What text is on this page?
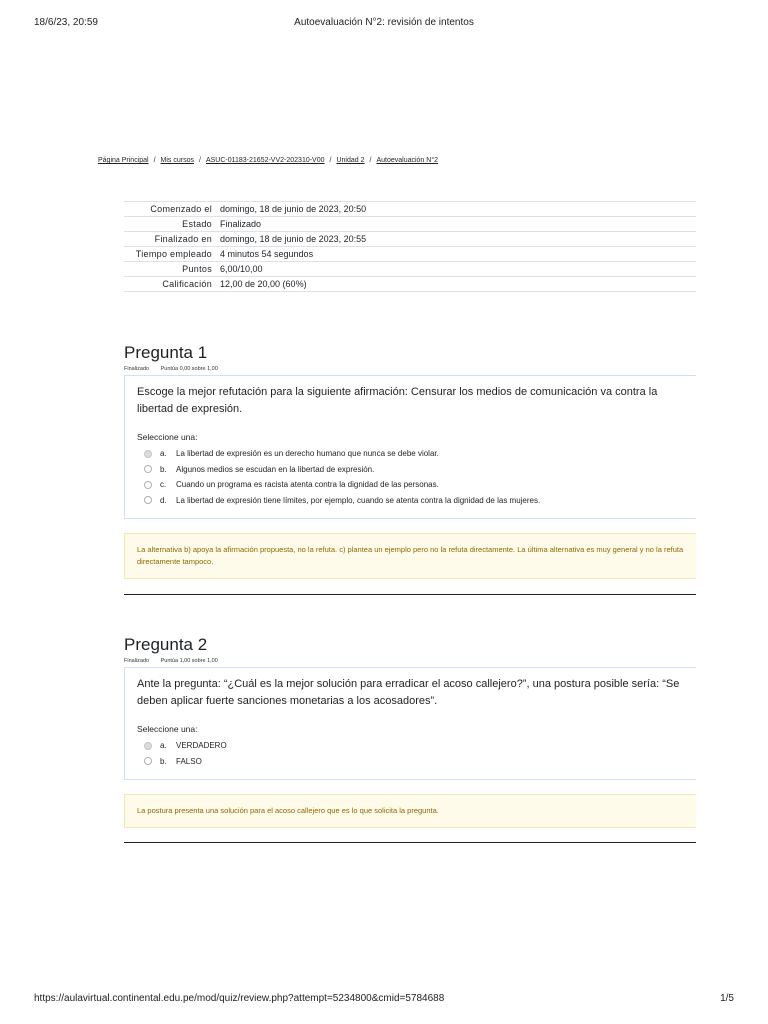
18/6/23, 20:59	Autoevaluación N°2: revisión de intentos
Página Principal / Mis cursos / ASUC-01183-21652-VV2-202310-V00 / Unidad 2 / Autoevaluación N°2
Comenzado el	domingo, 18 de junio de 2023, 20:50
Estado	Finalizado
Finalizado en	domingo, 18 de junio de 2023, 20:55
Tiempo empleado	4 minutos 54 segundos
Puntos	6,00/10,00
Calificación	12,00 de 20,00 (60%)
Pregunta 1
Finalizado Puntúa 0,00 sobre 1,00
Escoge la mejor refutación para la siguiente afirmación: Censurar los medios de comunicación va contra la libertad de expresión.
Seleccione una:
a.	La libertad de expresión es un derecho humano que nunca se debe violar.
b.	Algunos medios se escudan en la libertad de expresión.
c.	Cuando un programa es racista atenta contra la dignidad de las personas.
d.	La libertad de expresión tiene límites, por ejemplo, cuando se atenta contra la dignidad de las mujeres.
La alternativa b) apoya la afirmación propuesta, no la refuta. c) plantea un ejemplo pero no la refuta directamente. La última alternativa es muy general y no la refuta directamente tampoco.
Pregunta 2
Finalizado Puntúa 1,00 sobre 1,00
Ante la pregunta: “¿Cuál es la mejor solución para erradicar el acoso callejero?”, una postura posible sería: “Se deben aplicar fuerte sanciones monetarias a los acosadores”.
Seleccione una:
a.	VERDADERO
b.	FALSO
La postura presenta una solución para el acoso callejero que es lo que solicita la pregunta.
https://aulavirtual.continental.edu.pe/mod/quiz/review.php?attempt=5234800&cmid=5784688	1/5
